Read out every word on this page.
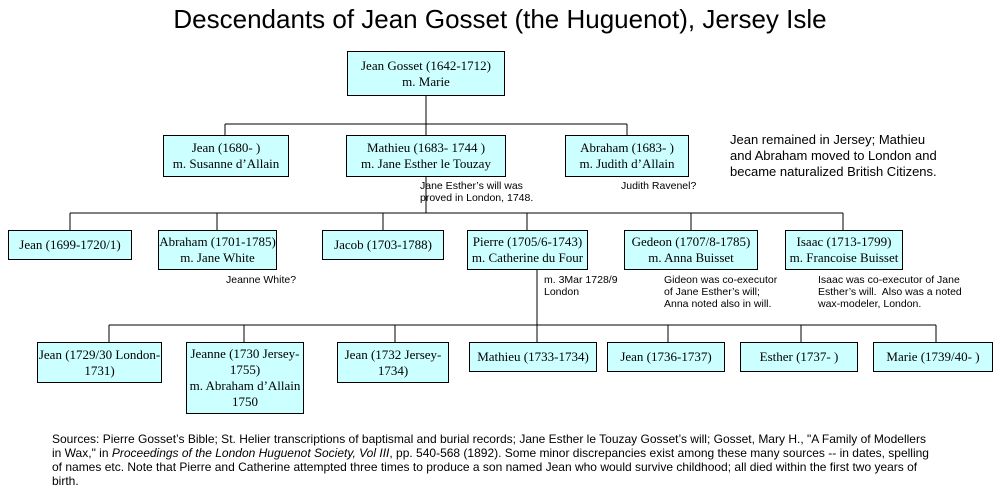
Descendants of Jean Gosset (the Huguenot), Jersey Isle
Jean Gosset (1642-1712)
m. Marie
Jean (1680- )
m. Susanne d’Allain
Mathieu (1683- 1744 )
m. Jane Esther le Touzay
Abraham (1683- )
m. Judith d’Allain
Jean (1699-1720/1)	Abraham (1701-1785)
m. Jane White
Jacob (1703-1788)	Pierre (1705/6-1743)
m. Catherine du Four
Gedeon (1707/8-1785)
m. Anna Buisset
Isaac (1713-1799)
m. Francoise Buisset
Jean (1729/30 London-
1731)
Jeanne (1730 Jersey-
1755)
m. Abraham d’Allain
1750
Jean (1732 Jersey-
1734)
Mathieu (1733-1734) Jean (1736-1737)	Esther (1737- )	Marie (1739/40- )
Jean remained in Jersey; Mathieu
and Abraham moved to London and
became naturalized British Citizens.
Jane Esther’s will was
proved in London, 1748.
Judith Ravenel?
Jeanne White?	m. 3Mar 1728/9
London
Gideon was co-executor
of Jane Esther’s will;
Anna noted also in will.
Isaac was co-executor of Jane
Esther’s will.  Also was a noted
wax-modeler, London.
Sources: Pierre Gosset’s Bible; St. Helier transcriptions of baptismal and burial records; Jane Esther le Touzay Gosset’s will; Gosset, Mary H., "A Family of Modellers in Wax," in Proceedings of the London Huguenot Society, Vol III, pp. 540-568 (1892). Some minor discrepancies exist among these many sources -- in dates, spelling of names etc. Note that Pierre and Catherine attempted three times to produce a son named Jean who would survive childhood; all died within the first two years of birth.
